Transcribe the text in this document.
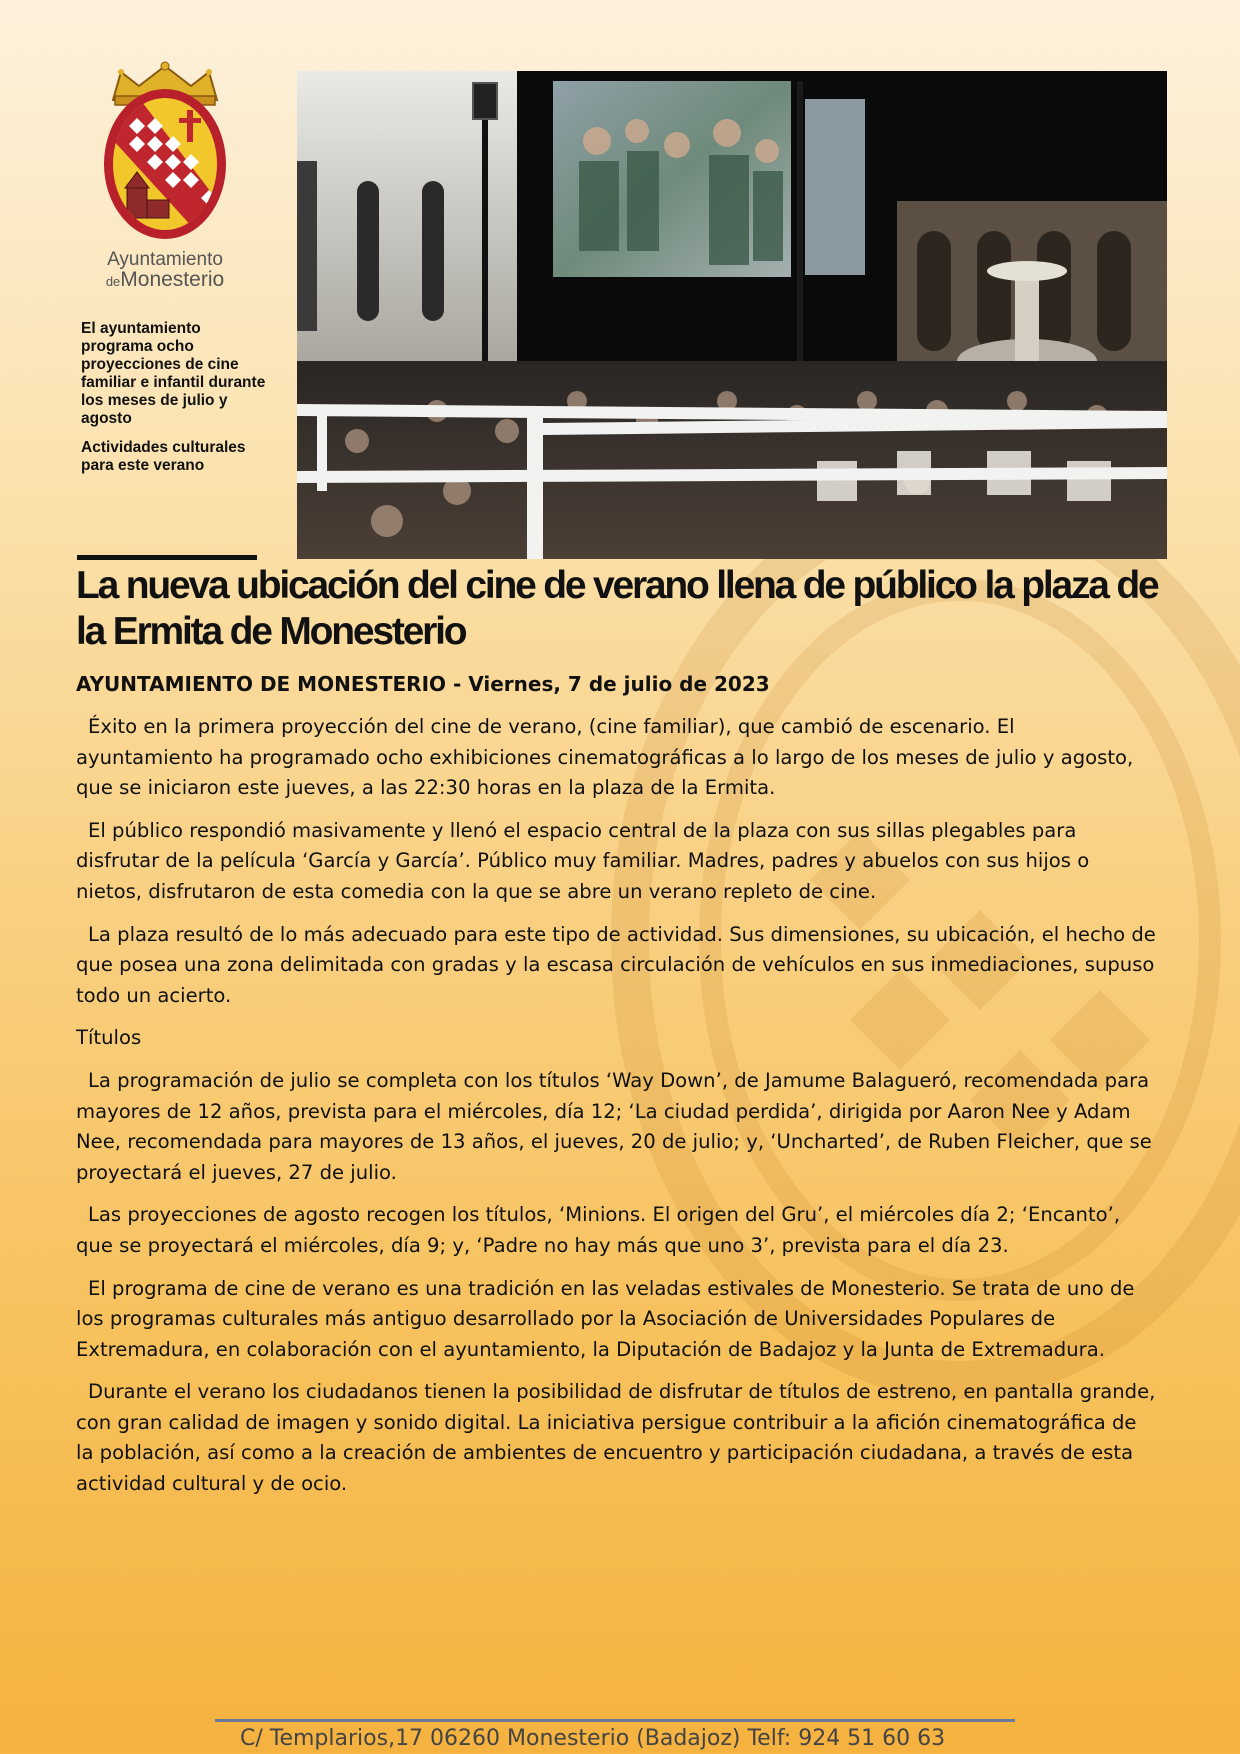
Ayuntamiento
deMonesterio

El ayuntamiento programa ocho proyecciones de cine familiar e infantil durante los meses de julio y agosto

Actividades culturales para este verano

La nueva ubicación del cine de verano llena de público la plaza de la Ermita de Monesterio

AYUNTAMIENTO DE MONESTERIO - Viernes, 7 de julio de 2023

Éxito en la primera proyección del cine de verano, (cine familiar), que cambió de escenario. El ayuntamiento ha programado ocho exhibiciones cinematográficas a lo largo de los meses de julio y agosto, que se iniciaron este jueves, a las 22:30 horas en la plaza de la Ermita.

El público respondió masivamente y llenó el espacio central de la plaza con sus sillas plegables para disfrutar de la película ‘García y García’. Público muy familiar. Madres, padres y abuelos con sus hijos o nietos, disfrutaron de esta comedia con la que se abre un verano repleto de cine.

La plaza resultó de lo más adecuado para este tipo de actividad. Sus dimensiones, su ubicación, el hecho de que posea una zona delimitada con gradas y la escasa circulación de vehículos en sus inmediaciones, supuso todo un acierto.

Títulos

La programación de julio se completa con los títulos ‘Way Down’, de Jamume Balagueró, recomendada para mayores de 12 años, prevista para el miércoles, día 12; ‘La ciudad perdida’, dirigida por Aaron Nee y Adam Nee, recomendada para mayores de 13 años, el jueves, 20 de julio; y, ‘Uncharted’, de Ruben Fleicher, que se proyectará el jueves, 27 de julio.

Las proyecciones de agosto recogen los títulos, ‘Minions. El origen del Gru’, el miércoles día 2; ‘Encanto’, que se proyectará el miércoles, día 9; y, ‘Padre no hay más que uno 3’, prevista para el día 23.

El programa de cine de verano es una tradición en las veladas estivales de Monesterio. Se trata de uno de los programas culturales más antiguo desarrollado por la Asociación de Universidades Populares de Extremadura, en colaboración con el ayuntamiento, la Diputación de Badajoz y la Junta de Extremadura.

Durante el verano los ciudadanos tienen la posibilidad de disfrutar de títulos de estreno, en pantalla grande, con gran calidad de imagen y sonido digital. La iniciativa persigue contribuir a la afición cinematográfica de la población, así como a la creación de ambientes de encuentro y participación ciudadana, a través de esta actividad cultural y de ocio.

C/ Templarios,17 06260 Monesterio (Badajoz) Telf: 924 51 60 63
